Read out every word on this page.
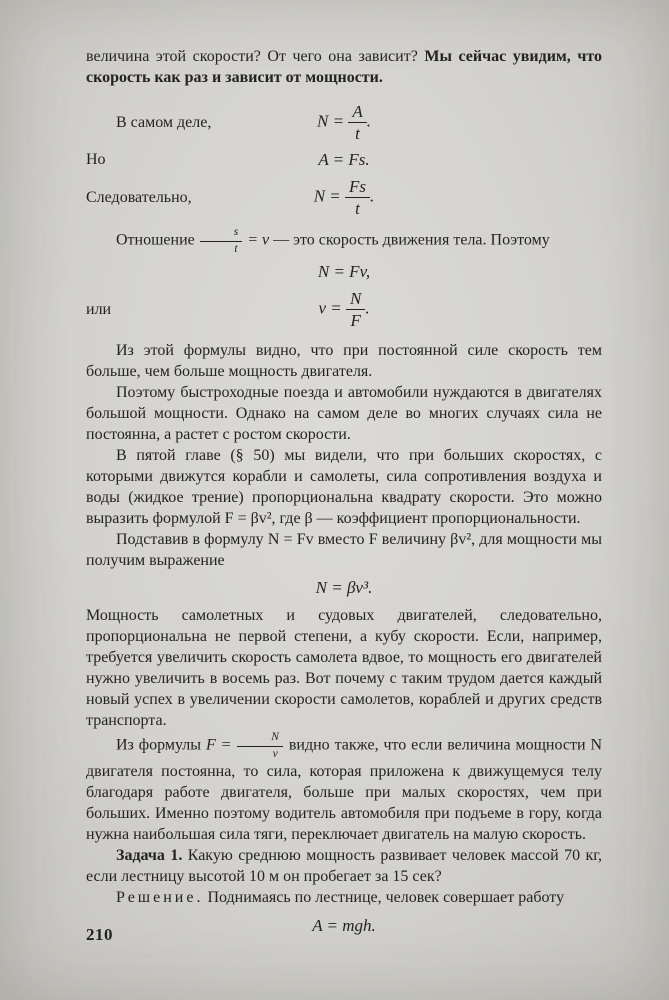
величина этой скорости? От чего она зависит? Мы сейчас увидим, что скорость как раз и зависит от мощности.

В самом деле,	$N = \frac{A}{t}$ .
Но	A = Fs.
Следовательно,	$N = \frac{Fs}{t}$ .

Отношение $\frac{s}{t} = v$ — это скорость движения тела. Поэтому

N = Fv,
или	$v = \frac{N}{F}$ .

Из этой формулы видно, что при постоянной силе скорость тем больше, чем больше мощность двигателя.

Поэтому быстроходные поезда и автомобили нуждаются в двигателях большой мощности. Однако на самом деле во многих случаях сила не постоянна, а растет с ростом скорости.

В пятой главе (§ 50) мы видели, что при больших скоростях, с которыми движутся корабли и самолеты, сила сопротивления воздуха и воды (жидкое трение) пропорциональна квадрату скорости. Это можно выразить формулой F = βv², где β — коэффициент пропорциональности.

Подставив в формулу N = Fv вместо F величину βv², для мощности мы получим выражение

N = βv³.

Мощность самолетных и судовых двигателей, следовательно, пропорциональна не первой степени, а кубу скорости. Если, например, требуется увеличить скорость самолета вдвое, то мощность его двигателей нужно увеличить в восемь раз. Вот почему с таким трудом дается каждый новый успех в увеличении скорости самолетов, кораблей и других средств транспорта.

Из формулы $F = \frac{N}{v}$ видно также, что если величина мощности N двигателя постоянна, то сила, которая приложена к движущемуся телу благодаря работе двигателя, больше при малых скоростях, чем при больших. Именно поэтому водитель автомобиля при подъеме в гору, когда нужна наибольшая сила тяги, переключает двигатель на малую скорость.

Задача 1. Какую среднюю мощность развивает человек массой 70 кг, если лестницу высотой 10 м он пробегает за 15 сек?

Решение. Поднимаясь по лестнице, человек совершает работу

A = mgh.
210
